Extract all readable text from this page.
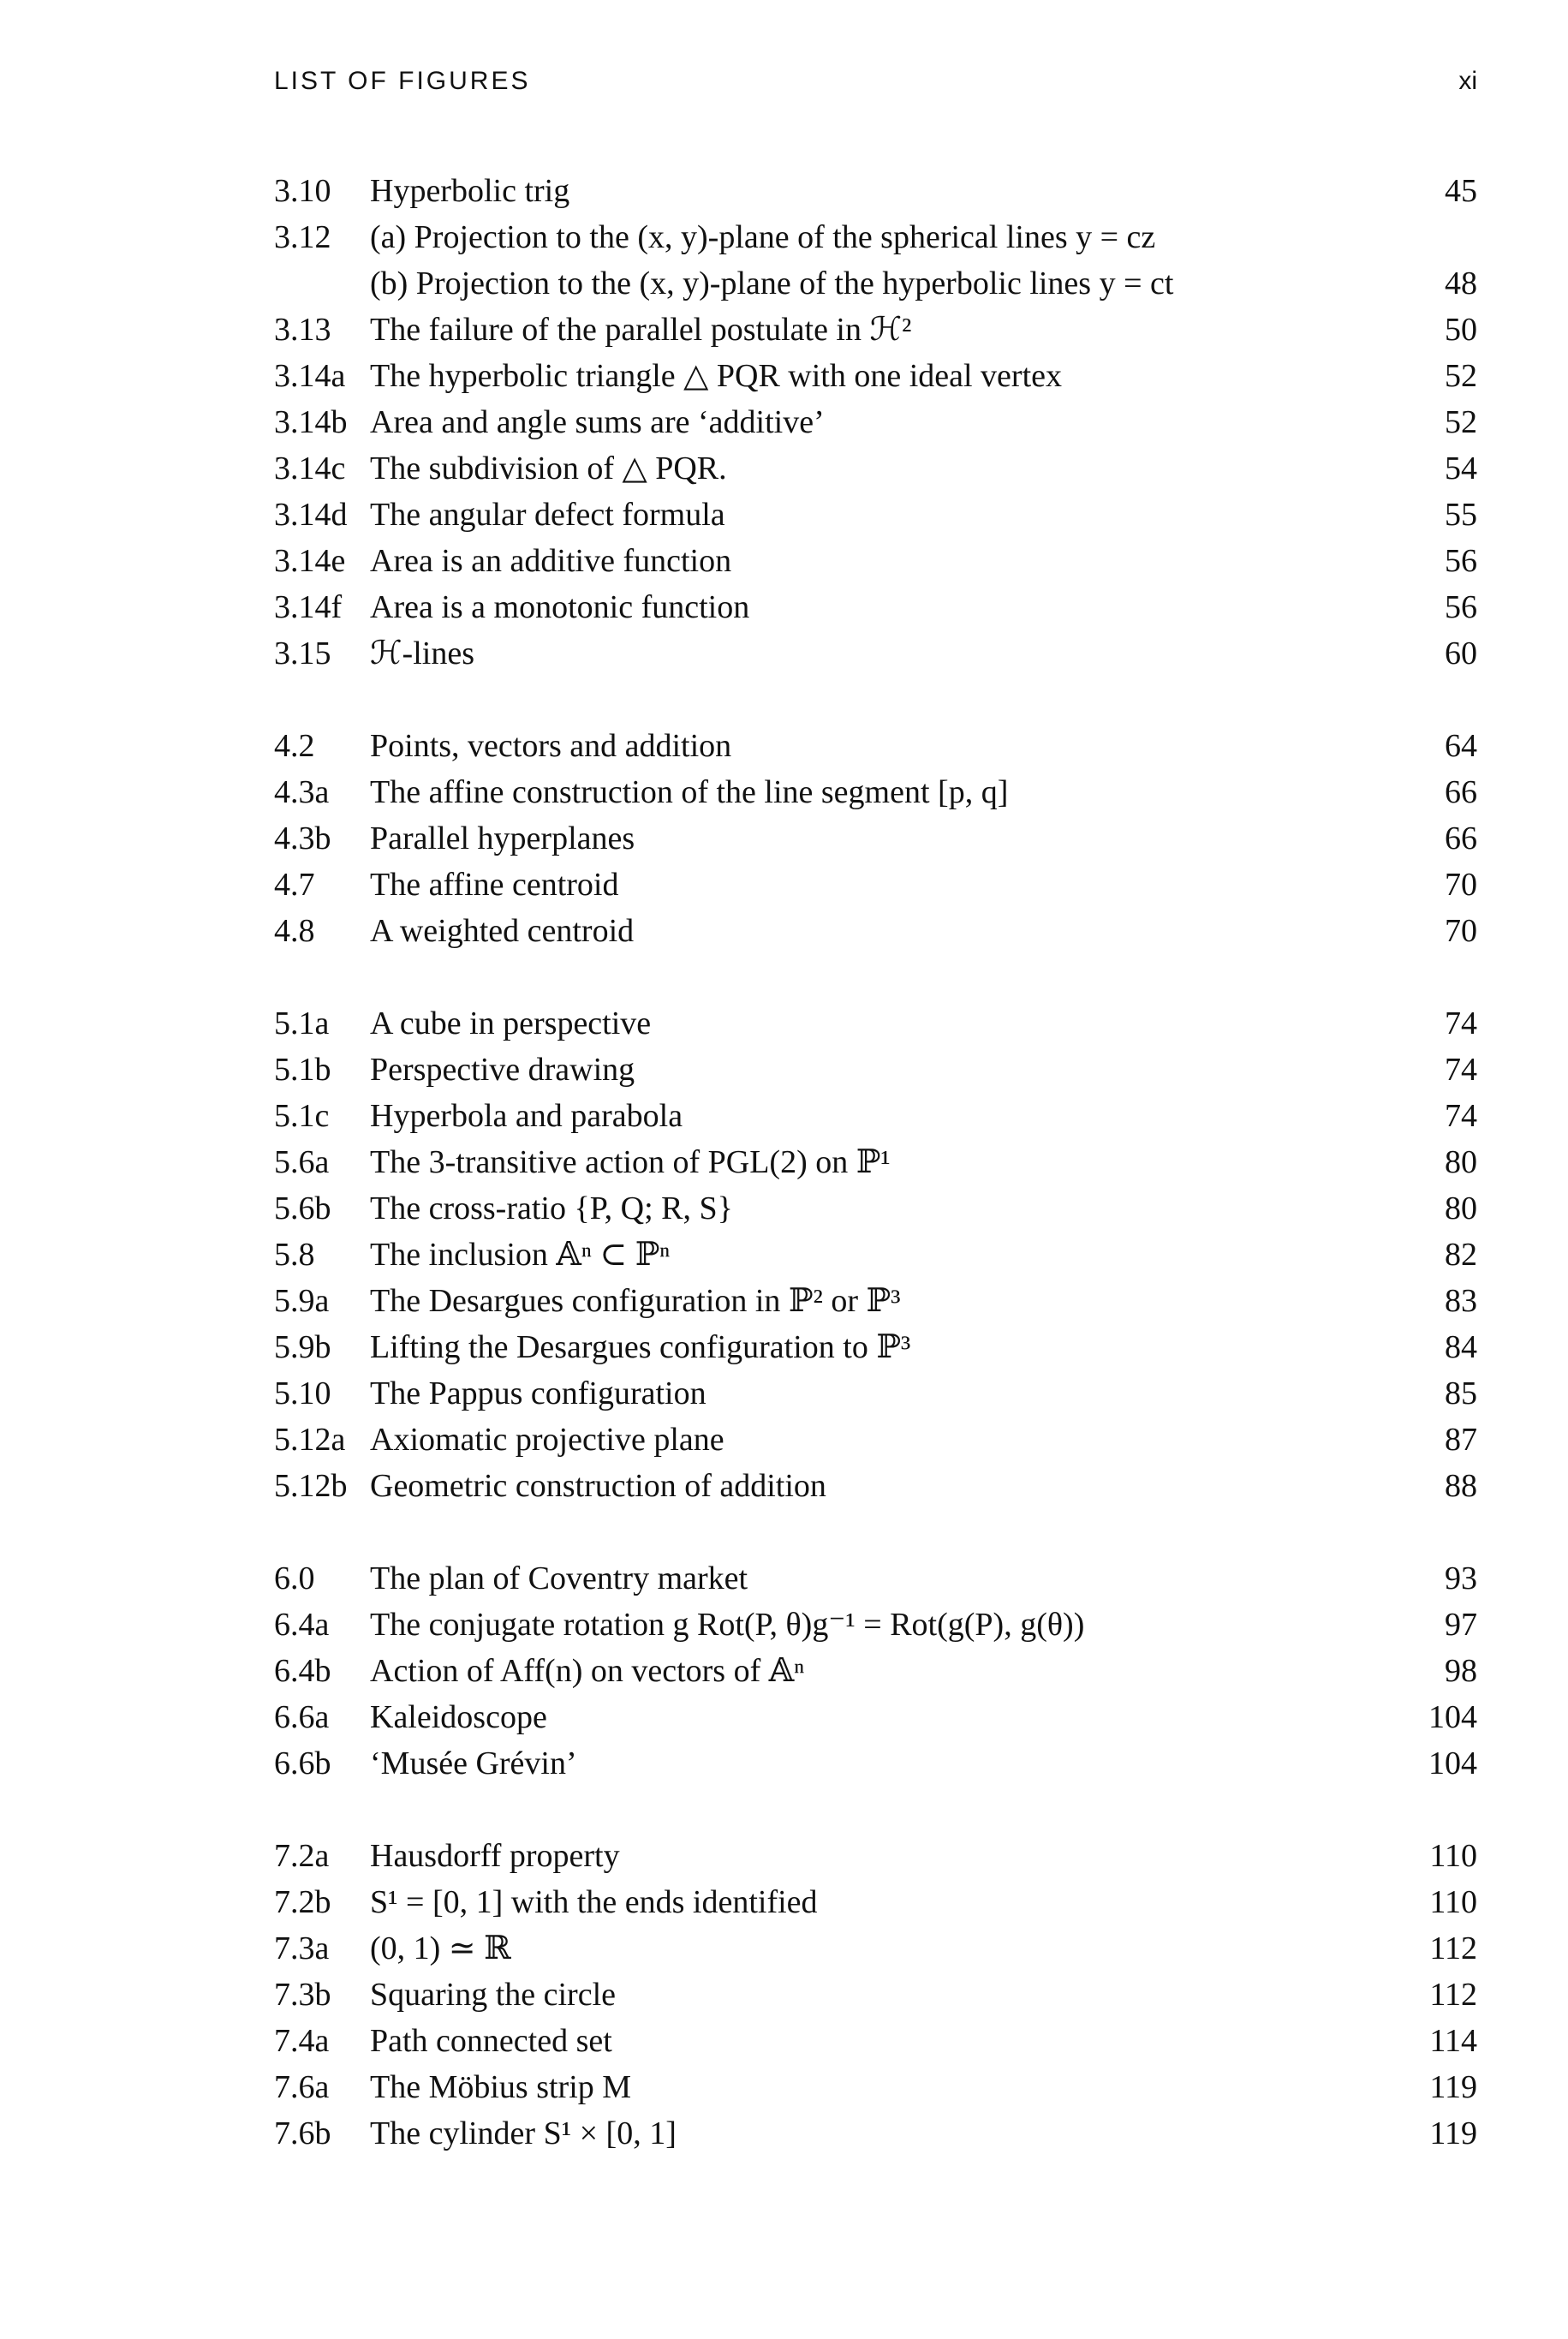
LIST OF FIGURES	xi
3.10 Hyperbolic trig	45
3.12 (a) Projection to the (x, y)-plane of the spherical lines y = cz
(b) Projection to the (x, y)-plane of the hyperbolic lines y = ct	48
3.13 The failure of the parallel postulate in ℋ²	50
3.14a The hyperbolic triangle △ PQR with one ideal vertex	52
3.14b Area and angle sums are ‘additive’	52
3.14c The subdivision of △ PQR.	54
3.14d The angular defect formula	55
3.14e Area is an additive function	56
3.14f Area is a monotonic function	56
3.15 ℋ-lines	60
4.2 Points, vectors and addition	64
4.3a The affine construction of the line segment [p, q]	66
4.3b Parallel hyperplanes	66
4.7 The affine centroid	70
4.8 A weighted centroid	70
5.1a A cube in perspective	74
5.1b Perspective drawing	74
5.1c Hyperbola and parabola	74
5.6a The 3-transitive action of PGL(2) on ℙ¹	80
5.6b The cross-ratio {P, Q; R, S}	80
5.8 The inclusion 𝔸ⁿ ⊂ ℙⁿ	82
5.9a The Desargues configuration in ℙ² or ℙ³	83
5.9b Lifting the Desargues configuration to ℙ³	84
5.10 The Pappus configuration	85
5.12a Axiomatic projective plane	87
5.12b Geometric construction of addition	88
6.0 The plan of Coventry market	93
6.4a The conjugate rotation g Rot(P, θ)g⁻¹ = Rot(g(P), g(θ))	97
6.4b Action of Aff(n) on vectors of 𝔸ⁿ	98
6.6a Kaleidoscope	104
6.6b ‘Musée Grévin’	104
7.2a Hausdorff property	110
7.2b S¹ = [0, 1] with the ends identified	110
7.3a (0, 1) ≃ ℝ	112
7.3b Squaring the circle	112
7.4a Path connected set	114
7.6a The Möbius strip M	119
7.6b The cylinder S¹ × [0, 1]	119
